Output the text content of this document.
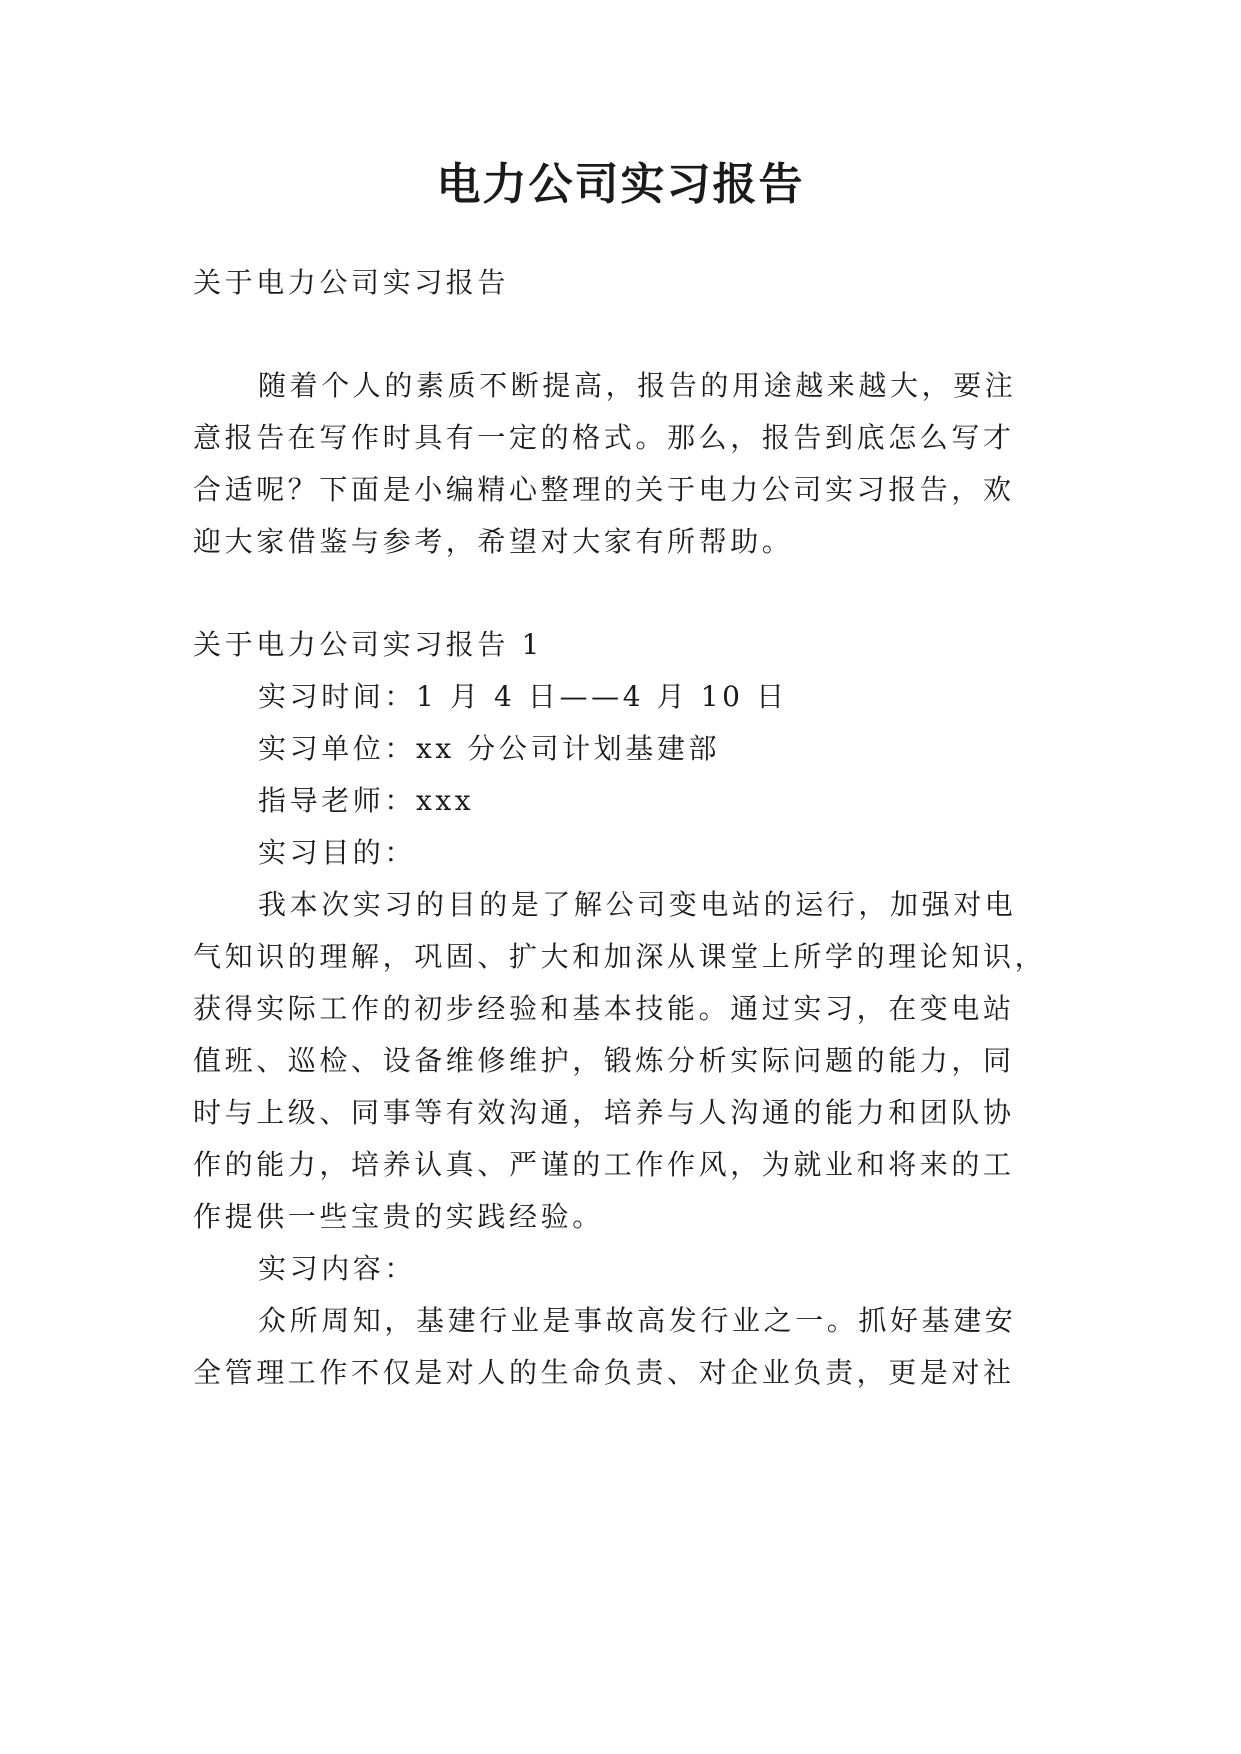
电力公司实习报告
关于电力公司实习报告
随着个人的素质不断提高，报告的用途越来越大，要注
意报告在写作时具有一定的格式。那么，报告到底怎么写才
合适呢？下面是小编精心整理的关于电力公司实习报告，欢
迎大家借鉴与参考，希望对大家有所帮助。
关于电力公司实习报告 1
实习时间：1 月 4 日——4 月 10 日
实习单位：xx 分公司计划基建部
指导老师：xxx
实习目的：
我本次实习的目的是了解公司变电站的运行，加强对电
气知识的理解，巩固、扩大和加深从课堂上所学的理论知识，
获得实际工作的初步经验和基本技能。通过实习，在变电站
值班、巡检、设备维修维护，锻炼分析实际问题的能力，同
时与上级、同事等有效沟通，培养与人沟通的能力和团队协
作的能力，培养认真、严谨的工作作风，为就业和将来的工
作提供一些宝贵的实践经验。
实习内容：
众所周知，基建行业是事故高发行业之一。抓好基建安
全管理工作不仅是对人的生命负责、对企业负责，更是对社
